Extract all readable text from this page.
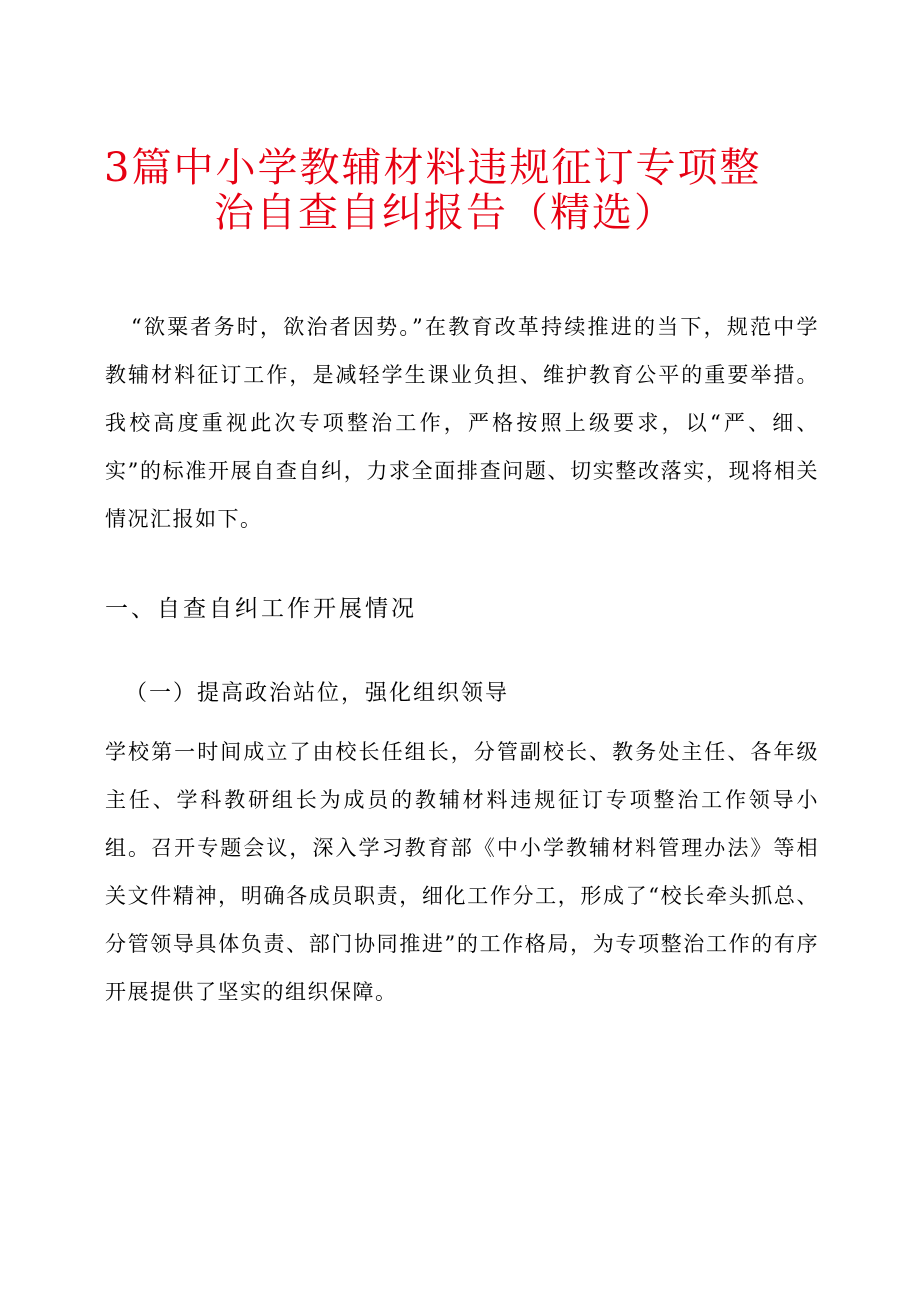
3篇中小学教辅材料违规征订专项整
治自查自纠报告（精选）

“欲粟者务时，欲治者因势。”在教育改革持续推进的当下，规范中学教辅材料征订工作，是减轻学生课业负担、维护教育公平的重要举措。我校高度重视此次专项整治工作，严格按照上级要求，以“严、细、实”的标准开展自查自纠，力求全面排查问题、切实整改落实，现将相关情况汇报如下。

一、自查自纠工作开展情况
（一）提高政治站位，强化组织领导

学校第一时间成立了由校长任组长，分管副校长、教务处主任、各年级主任、学科教研组长为成员的教辅材料违规征订专项整治工作领导小组。召开专题会议，深入学习教育部《中小学教辅材料管理办法》等相关文件精神，明确各成员职责，细化工作分工，形成了“校长牵头抓总、分管领导具体负责、部门协同推进”的工作格局，为专项整治工作的有序开展提供了坚实的组织保障。
